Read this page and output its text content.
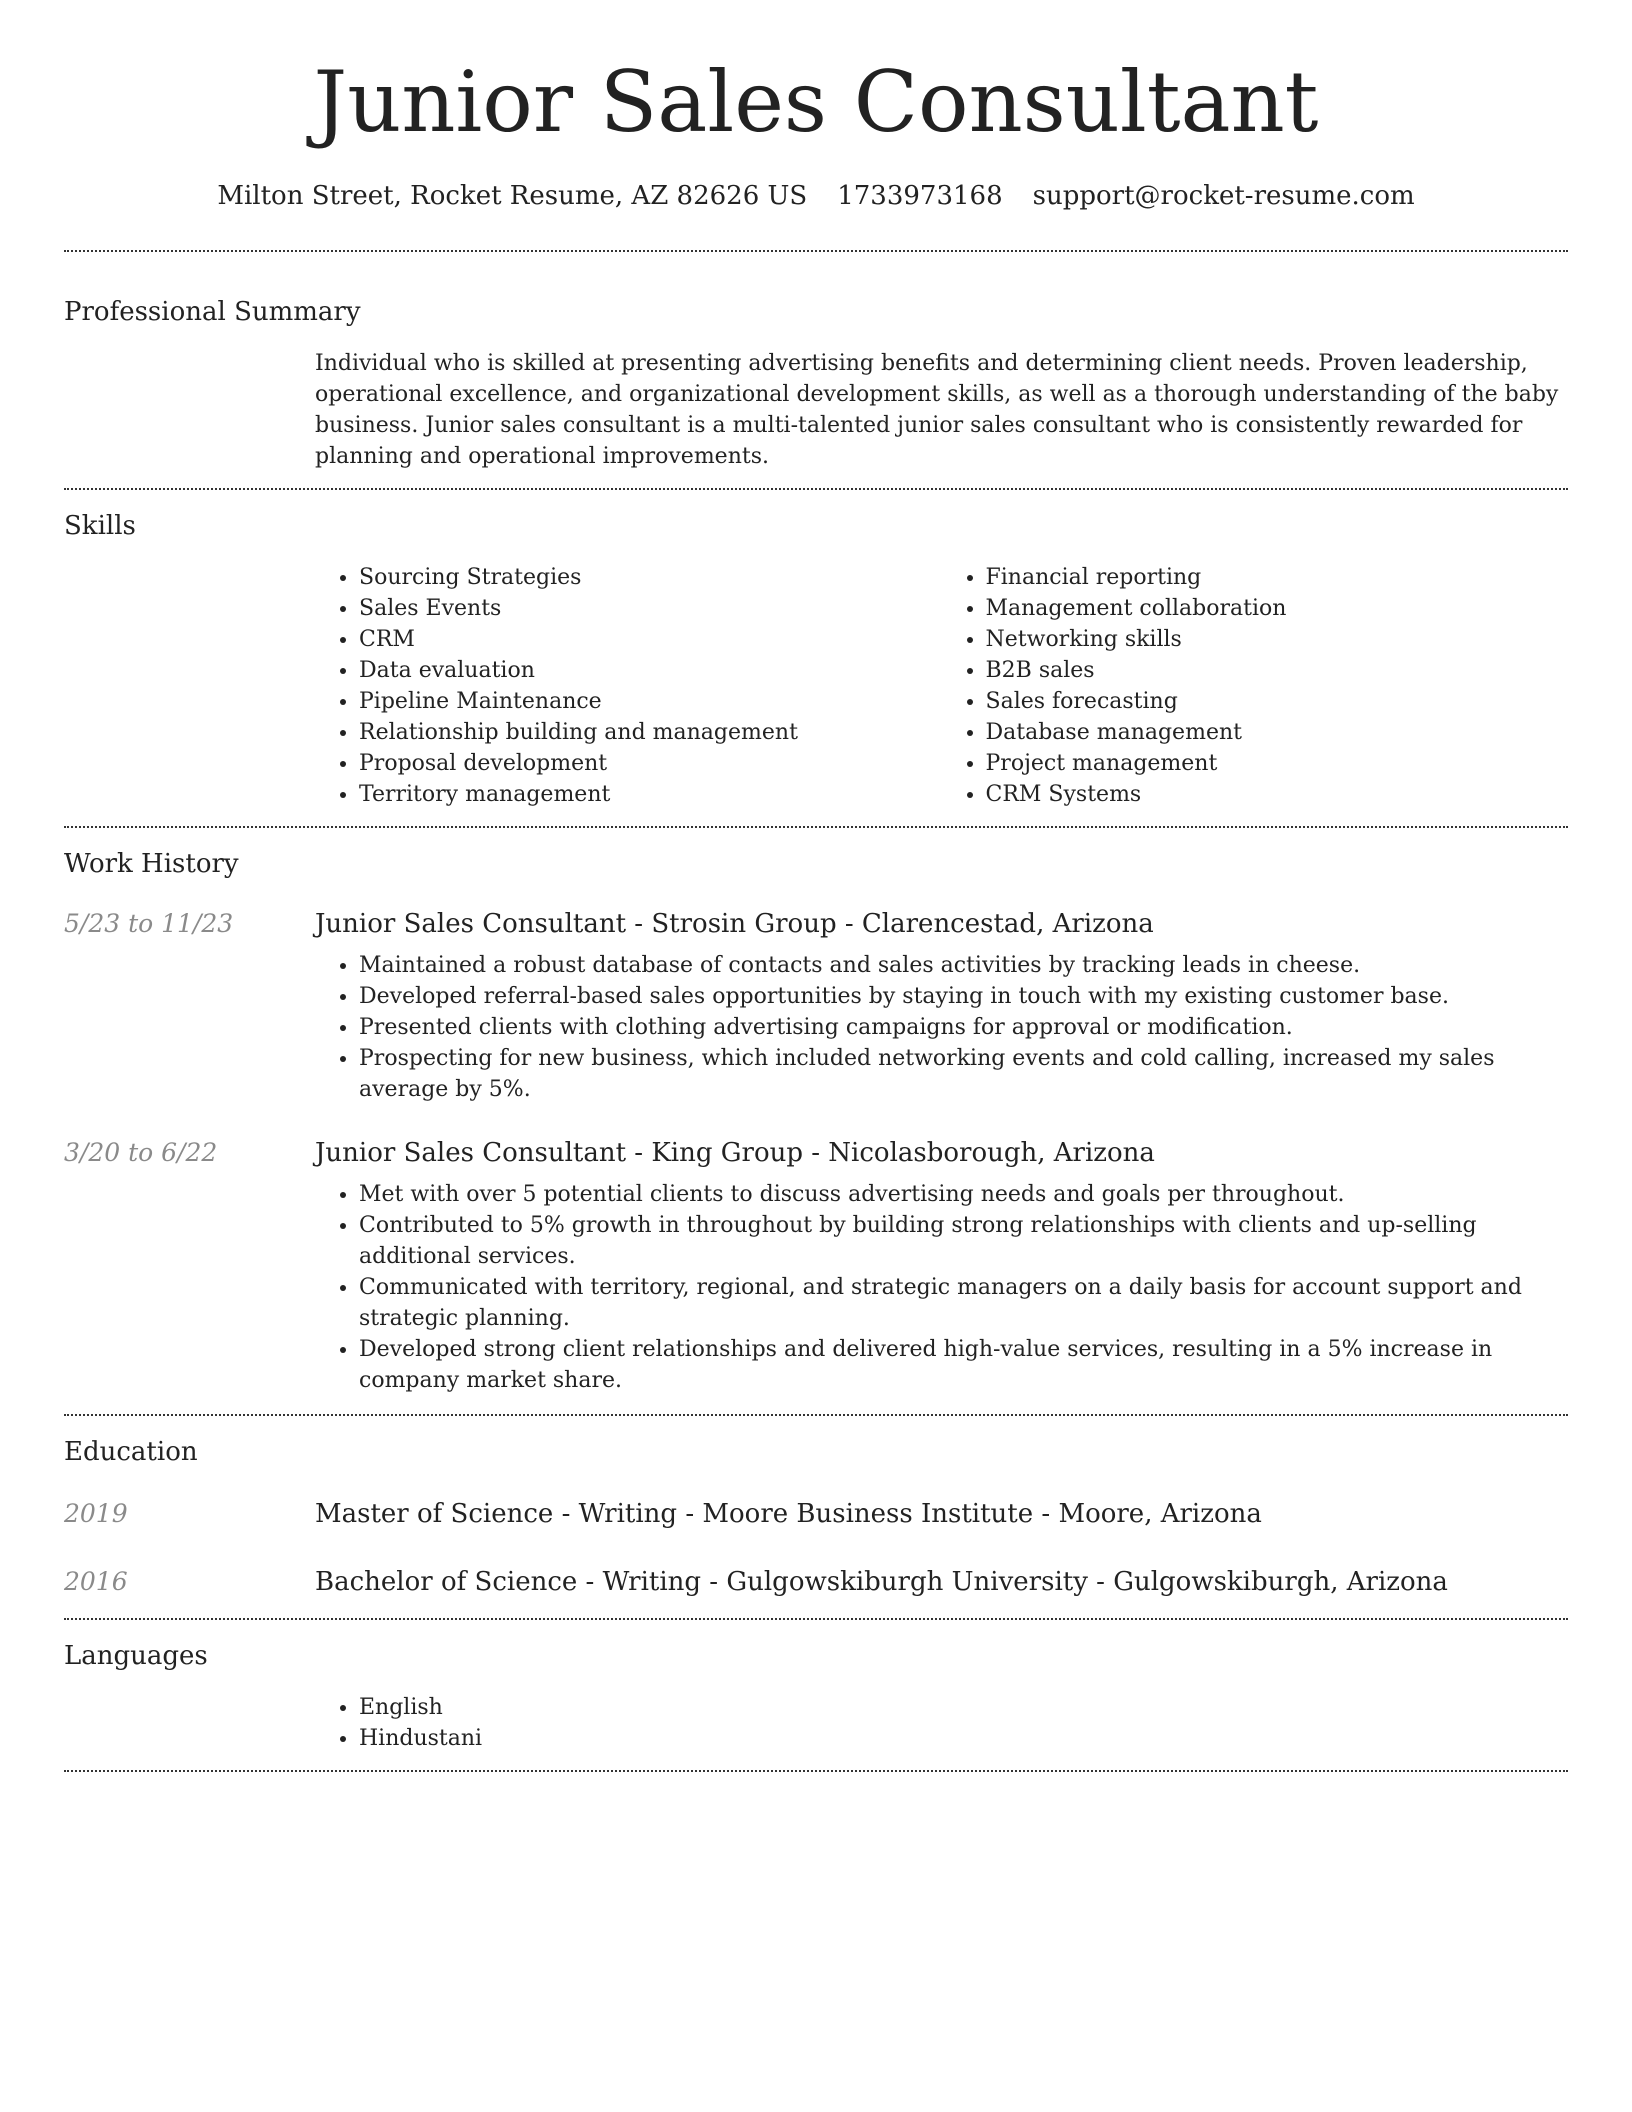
Junior Sales Consultant
Milton Street, Rocket Resume, AZ 82626 US 1733973168 support@rocket-resume.com
Professional Summary
Individual who is skilled at presenting advertising benefits and determining client needs. Proven leadership, operational excellence, and organizational development skills, as well as a thorough understanding of the baby business. Junior sales consultant is a multi-talented junior sales consultant who is consistently rewarded for planning and operational improvements.
Skills
• Sourcing Strategies
• Sales Events
• CRM
• Data evaluation
• Pipeline Maintenance
• Relationship building and management
• Proposal development
• Territory management
• Financial reporting
• Management collaboration
• Networking skills
• B2B sales
• Sales forecasting
• Database management
• Project management
• CRM Systems
Work History
5/23 to 11/23	Junior Sales Consultant - Strosin Group - Clarencestad, Arizona
• Maintained a robust database of contacts and sales activities by tracking leads in cheese.
• Developed referral-based sales opportunities by staying in touch with my existing customer base.
• Presented clients with clothing advertising campaigns for approval or modification.
• Prospecting for new business, which included networking events and cold calling, increased my sales average by 5%.
3/20 to 6/22	Junior Sales Consultant - King Group - Nicolasborough, Arizona
• Met with over 5 potential clients to discuss advertising needs and goals per throughout.
• Contributed to 5% growth in throughout by building strong relationships with clients and up-selling additional services.
• Communicated with territory, regional, and strategic managers on a daily basis for account support and strategic planning.
• Developed strong client relationships and delivered high-value services, resulting in a 5% increase in company market share.
Education
2019	Master of Science - Writing - Moore Business Institute - Moore, Arizona
2016	Bachelor of Science - Writing - Gulgowskiburgh University - Gulgowskiburgh, Arizona
Languages
• English
• Hindustani
